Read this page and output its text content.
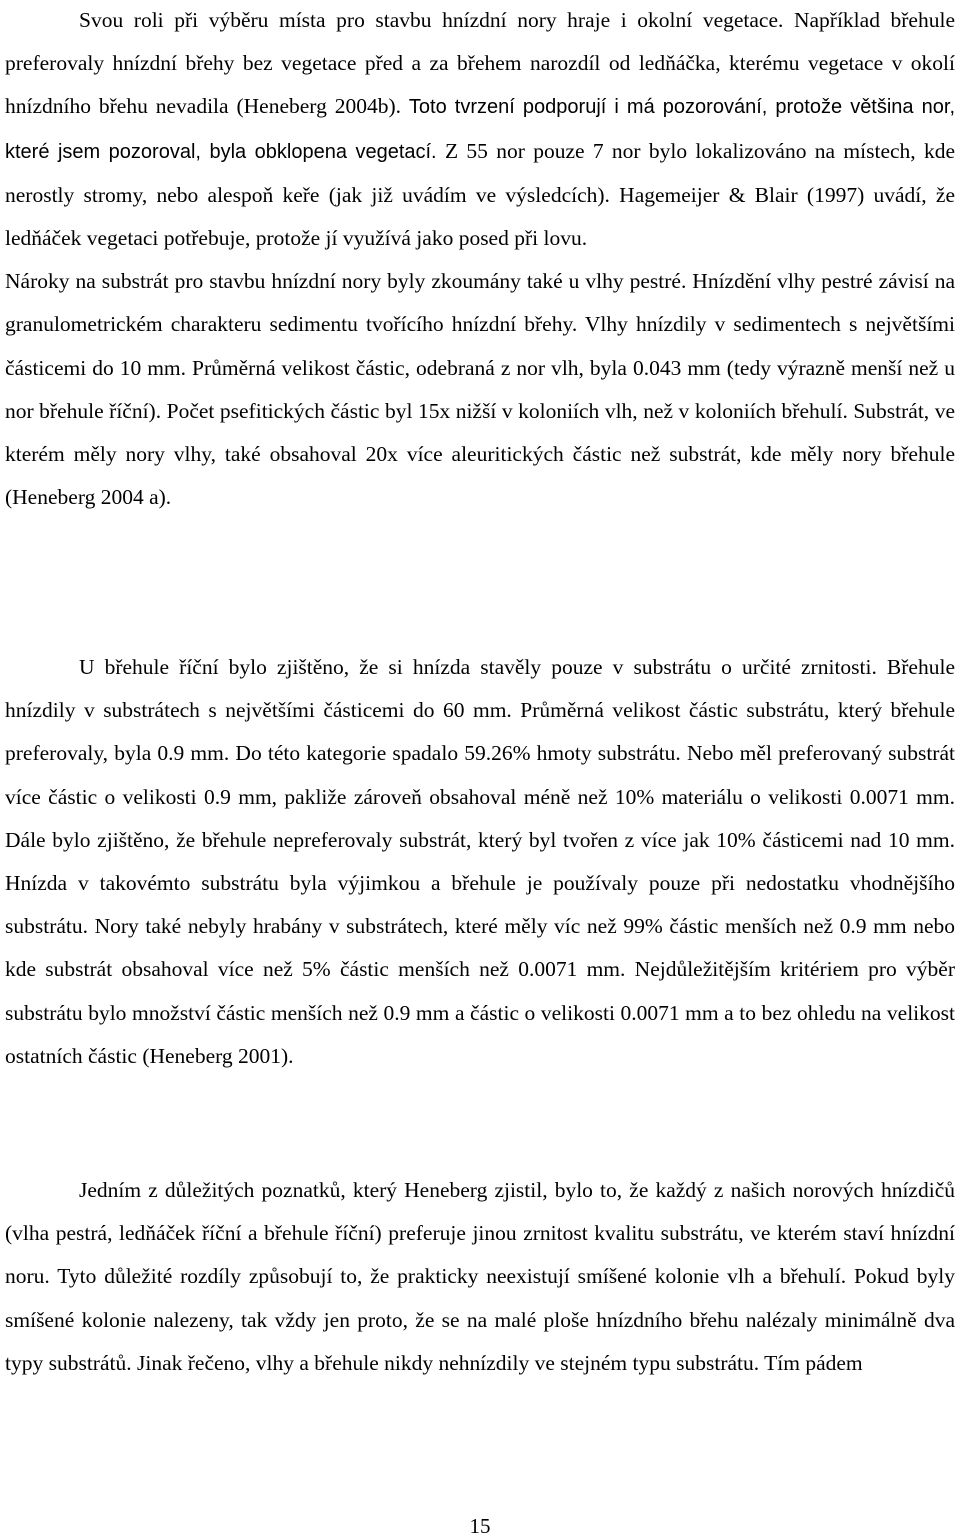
Svou roli při výběru místa pro stavbu hnízdní nory hraje i okolní vegetace. Například břehule preferovaly hnízdní břehy bez vegetace před a za břehem narozdíl od ledňáčka, kterému vegetace v okolí hnízdního břehu nevadila (Heneberg 2004b). Toto tvrzení podporují i má pozorování, protože většina nor, které jsem pozoroval, byla obklopena vegetací. Z 55 nor pouze 7 nor bylo lokalizováno na místech, kde nerostly stromy, nebo alespoň keře (jak již uvádím ve výsledcích). Hagemeijer & Blair (1997) uvádí, že ledňáček vegetaci potřebuje, protože jí využívá jako posed při lovu.
Nároky na substrát pro stavbu hnízdní nory byly zkoumány také u vlhy pestré. Hnízdění vlhy pestré závisí na granulometrickém charakteru sedimentu tvořícího hnízdní břehy. Vlhy hnízdily v sedimentech s největšími částicemi do 10 mm. Průměrná velikost částic, odebraná z nor vlh, byla 0.043 mm (tedy výrazně menší než u nor břehule říční). Počet psefitických částic byl 15x nižší v koloniích vlh, než v koloniích břehulí. Substrát, ve kterém měly nory vlhy, také obsahoval 20x více aleuritických částic než substrát, kde měly nory břehule (Heneberg 2004 a).

U břehule říční bylo zjištěno, že si hnízda stavěly pouze v substrátu o určité zrnitosti. Břehule hnízdily v substrátech s největšími částicemi do 60 mm. Průměrná velikost částic substrátu, který břehule preferovaly, byla 0.9 mm. Do této kategorie spadalo 59.26% hmoty substrátu. Nebo měl preferovaný substrát více částic o velikosti 0.9 mm, pakliže zároveň obsahoval méně než 10% materiálu o velikosti 0.0071 mm. Dále bylo zjištěno, že břehule nepreferovaly substrát, který byl tvořen z více jak 10% částicemi nad 10 mm. Hnízda v takovémto substrátu byla výjimkou a břehule je používaly pouze při nedostatku vhodnějšího substrátu. Nory také nebyly hrabány v substrátech, které měly víc než 99% částic menších než 0.9 mm nebo kde substrát obsahoval více než 5% částic menších než 0.0071 mm. Nejdůležitějším kritériem pro výběr substrátu bylo množství částic menších než 0.9 mm a částic o velikosti 0.0071 mm a to bez ohledu na velikost ostatních částic (Heneberg 2001).

Jedním z důležitých poznatků, který Heneberg zjistil, bylo to, že každý z našich norových hnízdičů (vlha pestrá, ledňáček říční a břehule říční) preferuje jinou zrnitost kvalitu substrátu, ve kterém staví hnízdní noru. Tyto důležité rozdíly způsobují to, že prakticky neexistují smíšené kolonie vlh a břehulí. Pokud byly smíšené kolonie nalezeny, tak vždy jen proto, že se na malé ploše hnízdního břehu nalézaly minimálně dva typy substrátů. Jinak řečeno, vlhy a břehule nikdy nehnízdily ve stejném typu substrátu. Tím pádem

15
